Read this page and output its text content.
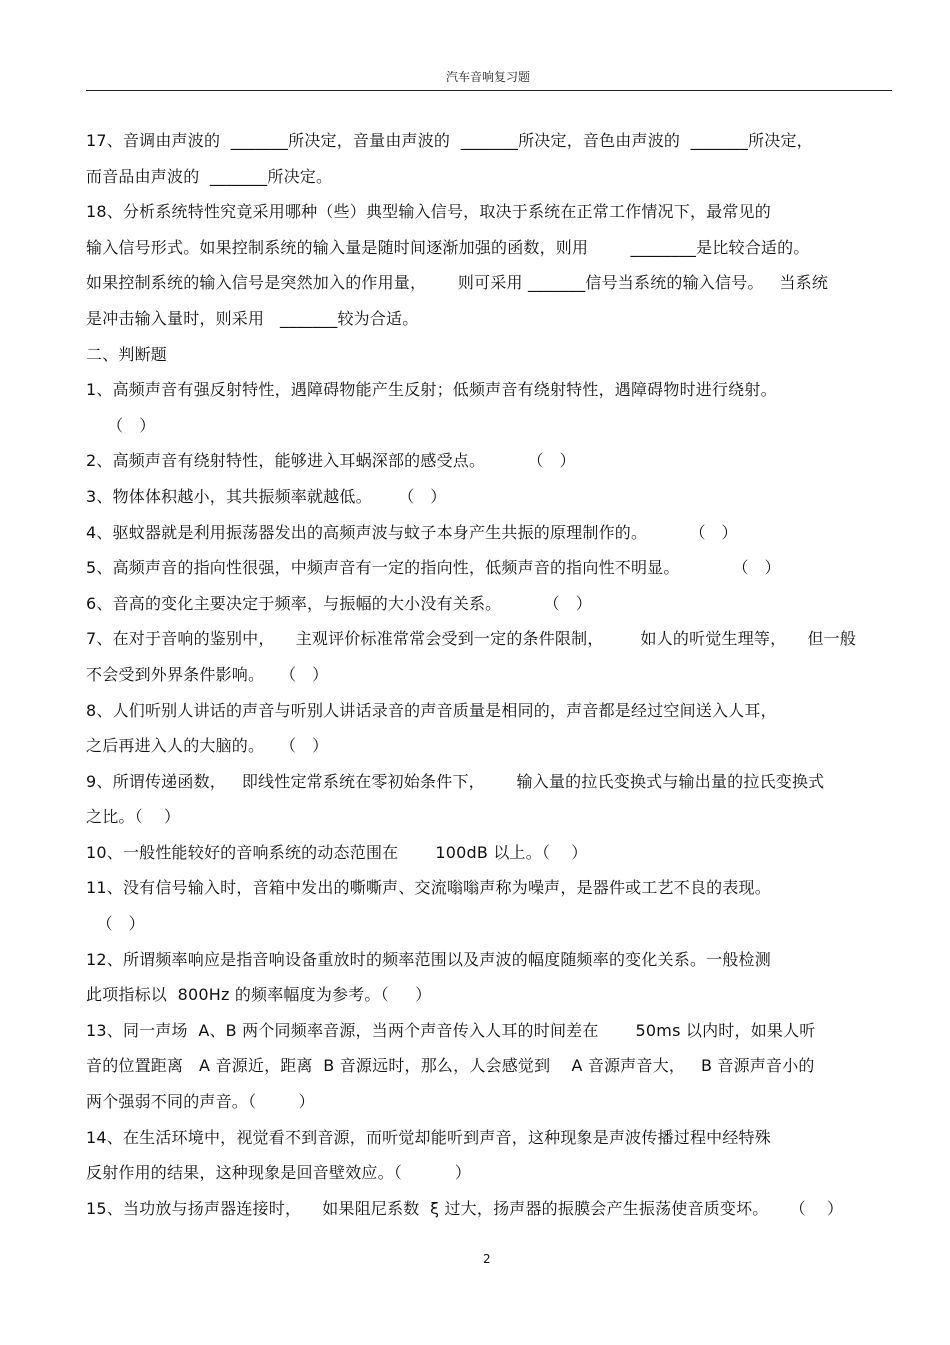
汽车音响复习题
17、音调由声波的  _______所决定，音量由声波的  _______所决定，音色由声波的  _______所决定，
而音品由声波的  _______所决定。
18、分析系统特性究竟采用哪种（些）典型输入信号，取决于系统在正常工作情况下，最常见的
输入信号形式。如果控制系统的输入量是随时间逐渐加强的函数，则用        ________是比较合适的。
如果控制系统的输入信号是突然加入的作用量，      则可采用 _______信号当系统的输入信号。   当系统
是冲击输入量时，则采用   _______较为合适。
二、判断题
1、高频声音有强反射特性，遇障碍物能产生反射；低频声音有绕射特性，遇障碍物时进行绕射。
（   ）
2、高频声音有绕射特性，能够进入耳蜗深部的感受点。        （   ）
3、物体体积越小，其共振频率就越低。     （   ）
4、驱蚊器就是利用振荡器发出的高频声波与蚊子本身产生共振的原理制作的。        （   ）
5、高频声音的指向性很强，中频声音有一定的指向性，低频声音的指向性不明显。          （   ）
6、音高的变化主要决定于频率，与振幅的大小没有关系。        （   ）
7、在对于音响的鉴别中，    主观评价标准常常会受到一定的条件限制，       如人的听觉生理等，    但一般
不会受到外界条件影响。   （   ）
8、人们听别人讲话的声音与听别人讲话录音的声音质量是相同的，声音都是经过空间送入人耳，
之后再进入人的大脑的。   （   ）
9、所谓传递函数，   即线性定常系统在零初始条件下，      输入量的拉氏变换式与输出量的拉氏变换式
之比。（    ）
10、一般性能较好的音响系统的动态范围在       100dB 以上。（    ）
11、没有信号输入时，音箱中发出的嘶嘶声、交流嗡嗡声称为噪声，是器件或工艺不良的表现。
（   ）
12、所谓频率响应是指音响设备重放时的频率范围以及声波的幅度随频率的变化关系。一般检测
此项指标以  800Hz 的频率幅度为参考。（     ）
13、同一声场  A、B 两个同频率音源，当两个声音传入人耳的时间差在       50ms 以内时，如果人听
音的位置距离   A 音源近，距离  B 音源远时，那么，人会感觉到    A 音源声音大，   B 音源声音小的
两个强弱不同的声音。（        ）
14、在生活环境中，视觉看不到音源，而听觉却能听到声音，这种现象是声波传播过程中经特殊
反射作用的结果，这种现象是回音壁效应。（          ）
15、当功放与扬声器连接时，    如果阻尼系数  ξ 过大，扬声器的振膜会产生振荡使音质变坏。    （    ）
2
